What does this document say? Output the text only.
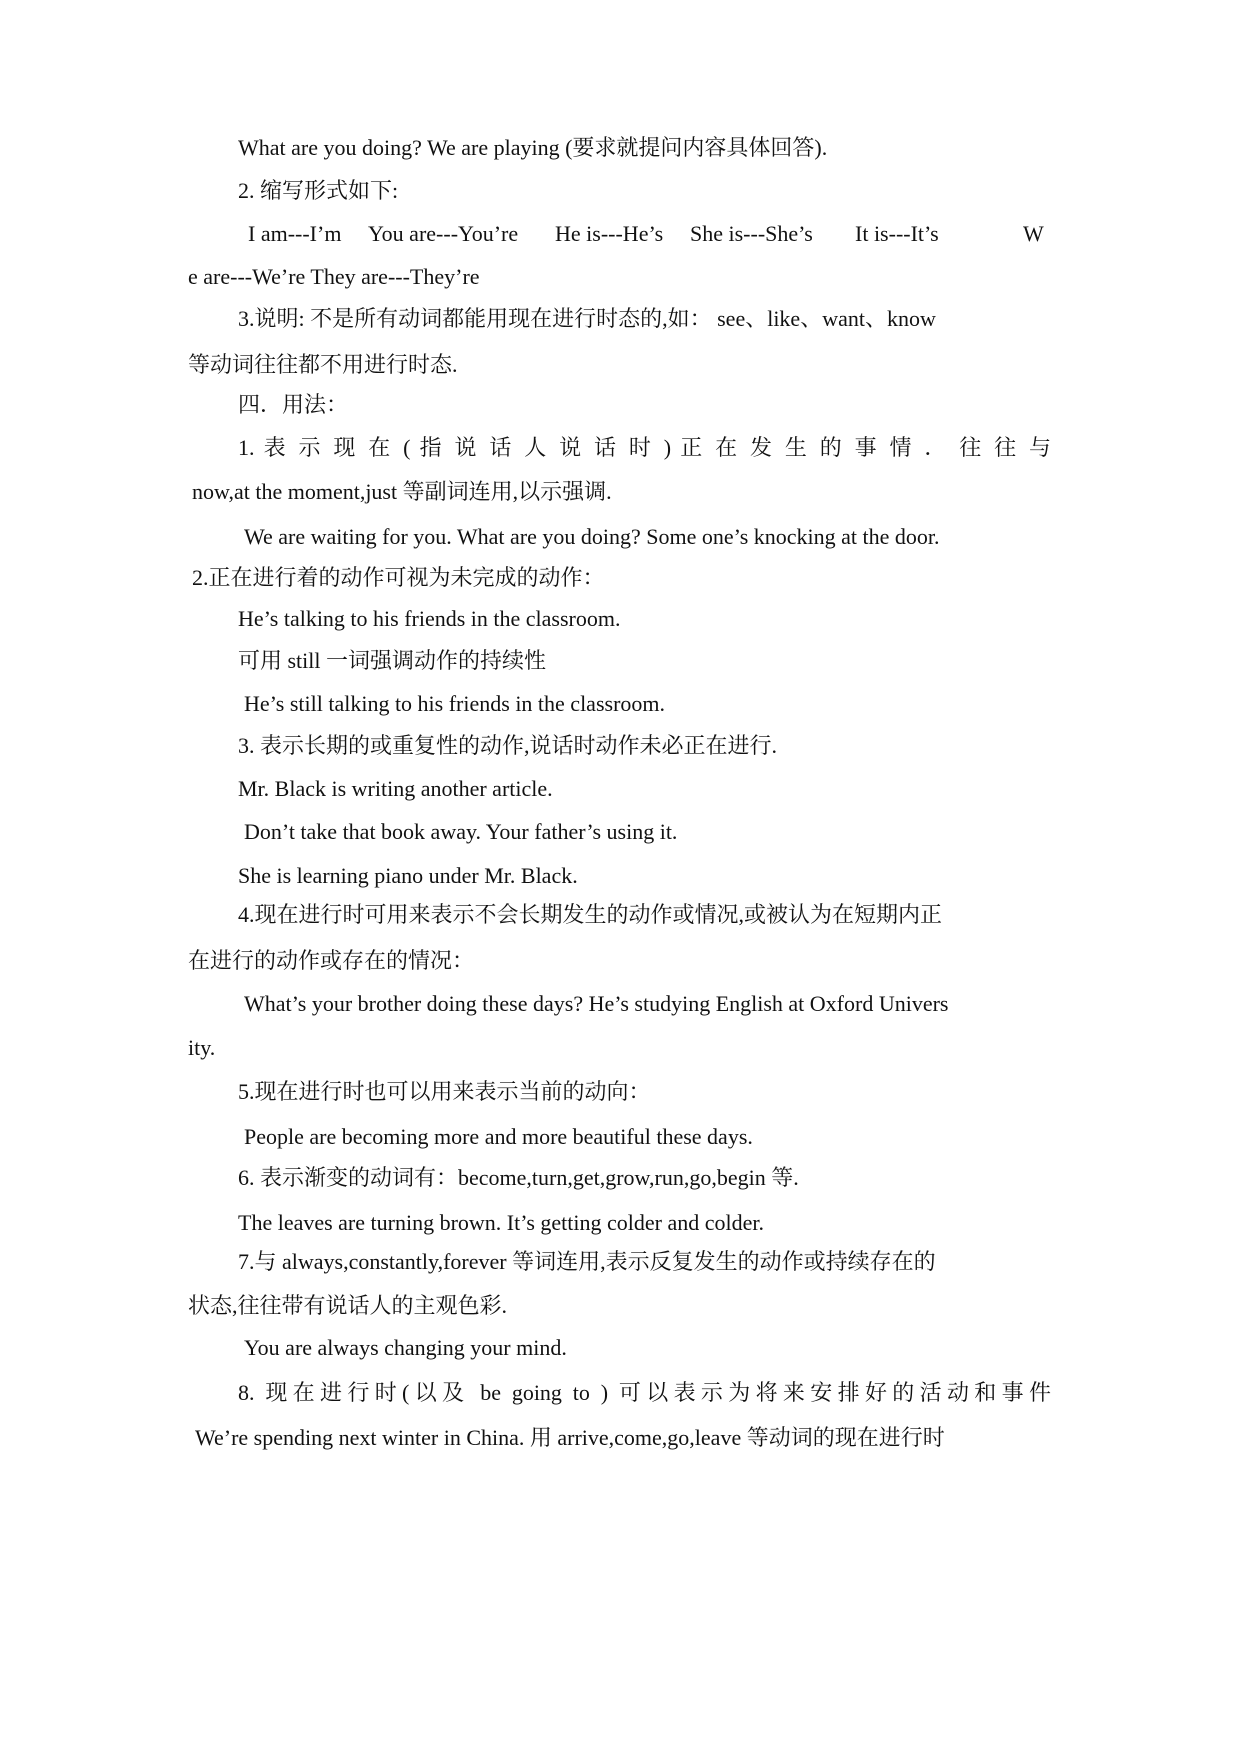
What are you doing? We are playing (要求就提问内容具体回答).

2. 缩写形式如下:

I am---I’m You are---You’re He is---He’s She is---She’s It is---It’s	W

e are---We’re They are---They’re

3.说明: 不是所有动词都能用现在进行时态的,如： see、like、want、know

等动词往往都不用进行时态.

四．用法：

1. 表 示 现 在 ( 指 说 话 人 说 话 时 ) 正 在 发 生 的 事 情 ． 往 往 与

now,at the moment,just 等副词连用,以示强调.

We are waiting for you. What are you doing? Some one’s knocking at the door.

2.正在进行着的动作可视为未完成的动作：

He’s talking to his friends in the classroom.

可用 still 一词强调动作的持续性

He’s still talking to his friends in the classroom.

3. 表示长期的或重复性的动作,说话时动作未必正在进行.

Mr. Black is writing another article.

Don’t take that book away. Your father’s using it.

She is learning piano under Mr. Black.

4.现在进行时可用来表示不会长期发生的动作或情况,或被认为在短期内正

在进行的动作或存在的情况：

What’s your brother doing these days? He’s studying English at Oxford Univers

ity.

5.现在进行时也可以用来表示当前的动向：

People are becoming more and more beautiful these days.

6. 表示渐变的动词有：become,turn,get,grow,run,go,begin 等.

The leaves are turning brown. It’s getting colder and colder.

7.与 always,constantly,forever 等词连用,表示反复发生的动作或持续存在的

状态,往往带有说话人的主观色彩.

You are always changing your mind.

8. 现在进行时(以及 be going to ) 可以表示为将来安排好的活动和事件

We’re spending next winter in China. 用 arrive,come,go,leave 等动词的现在进行时
